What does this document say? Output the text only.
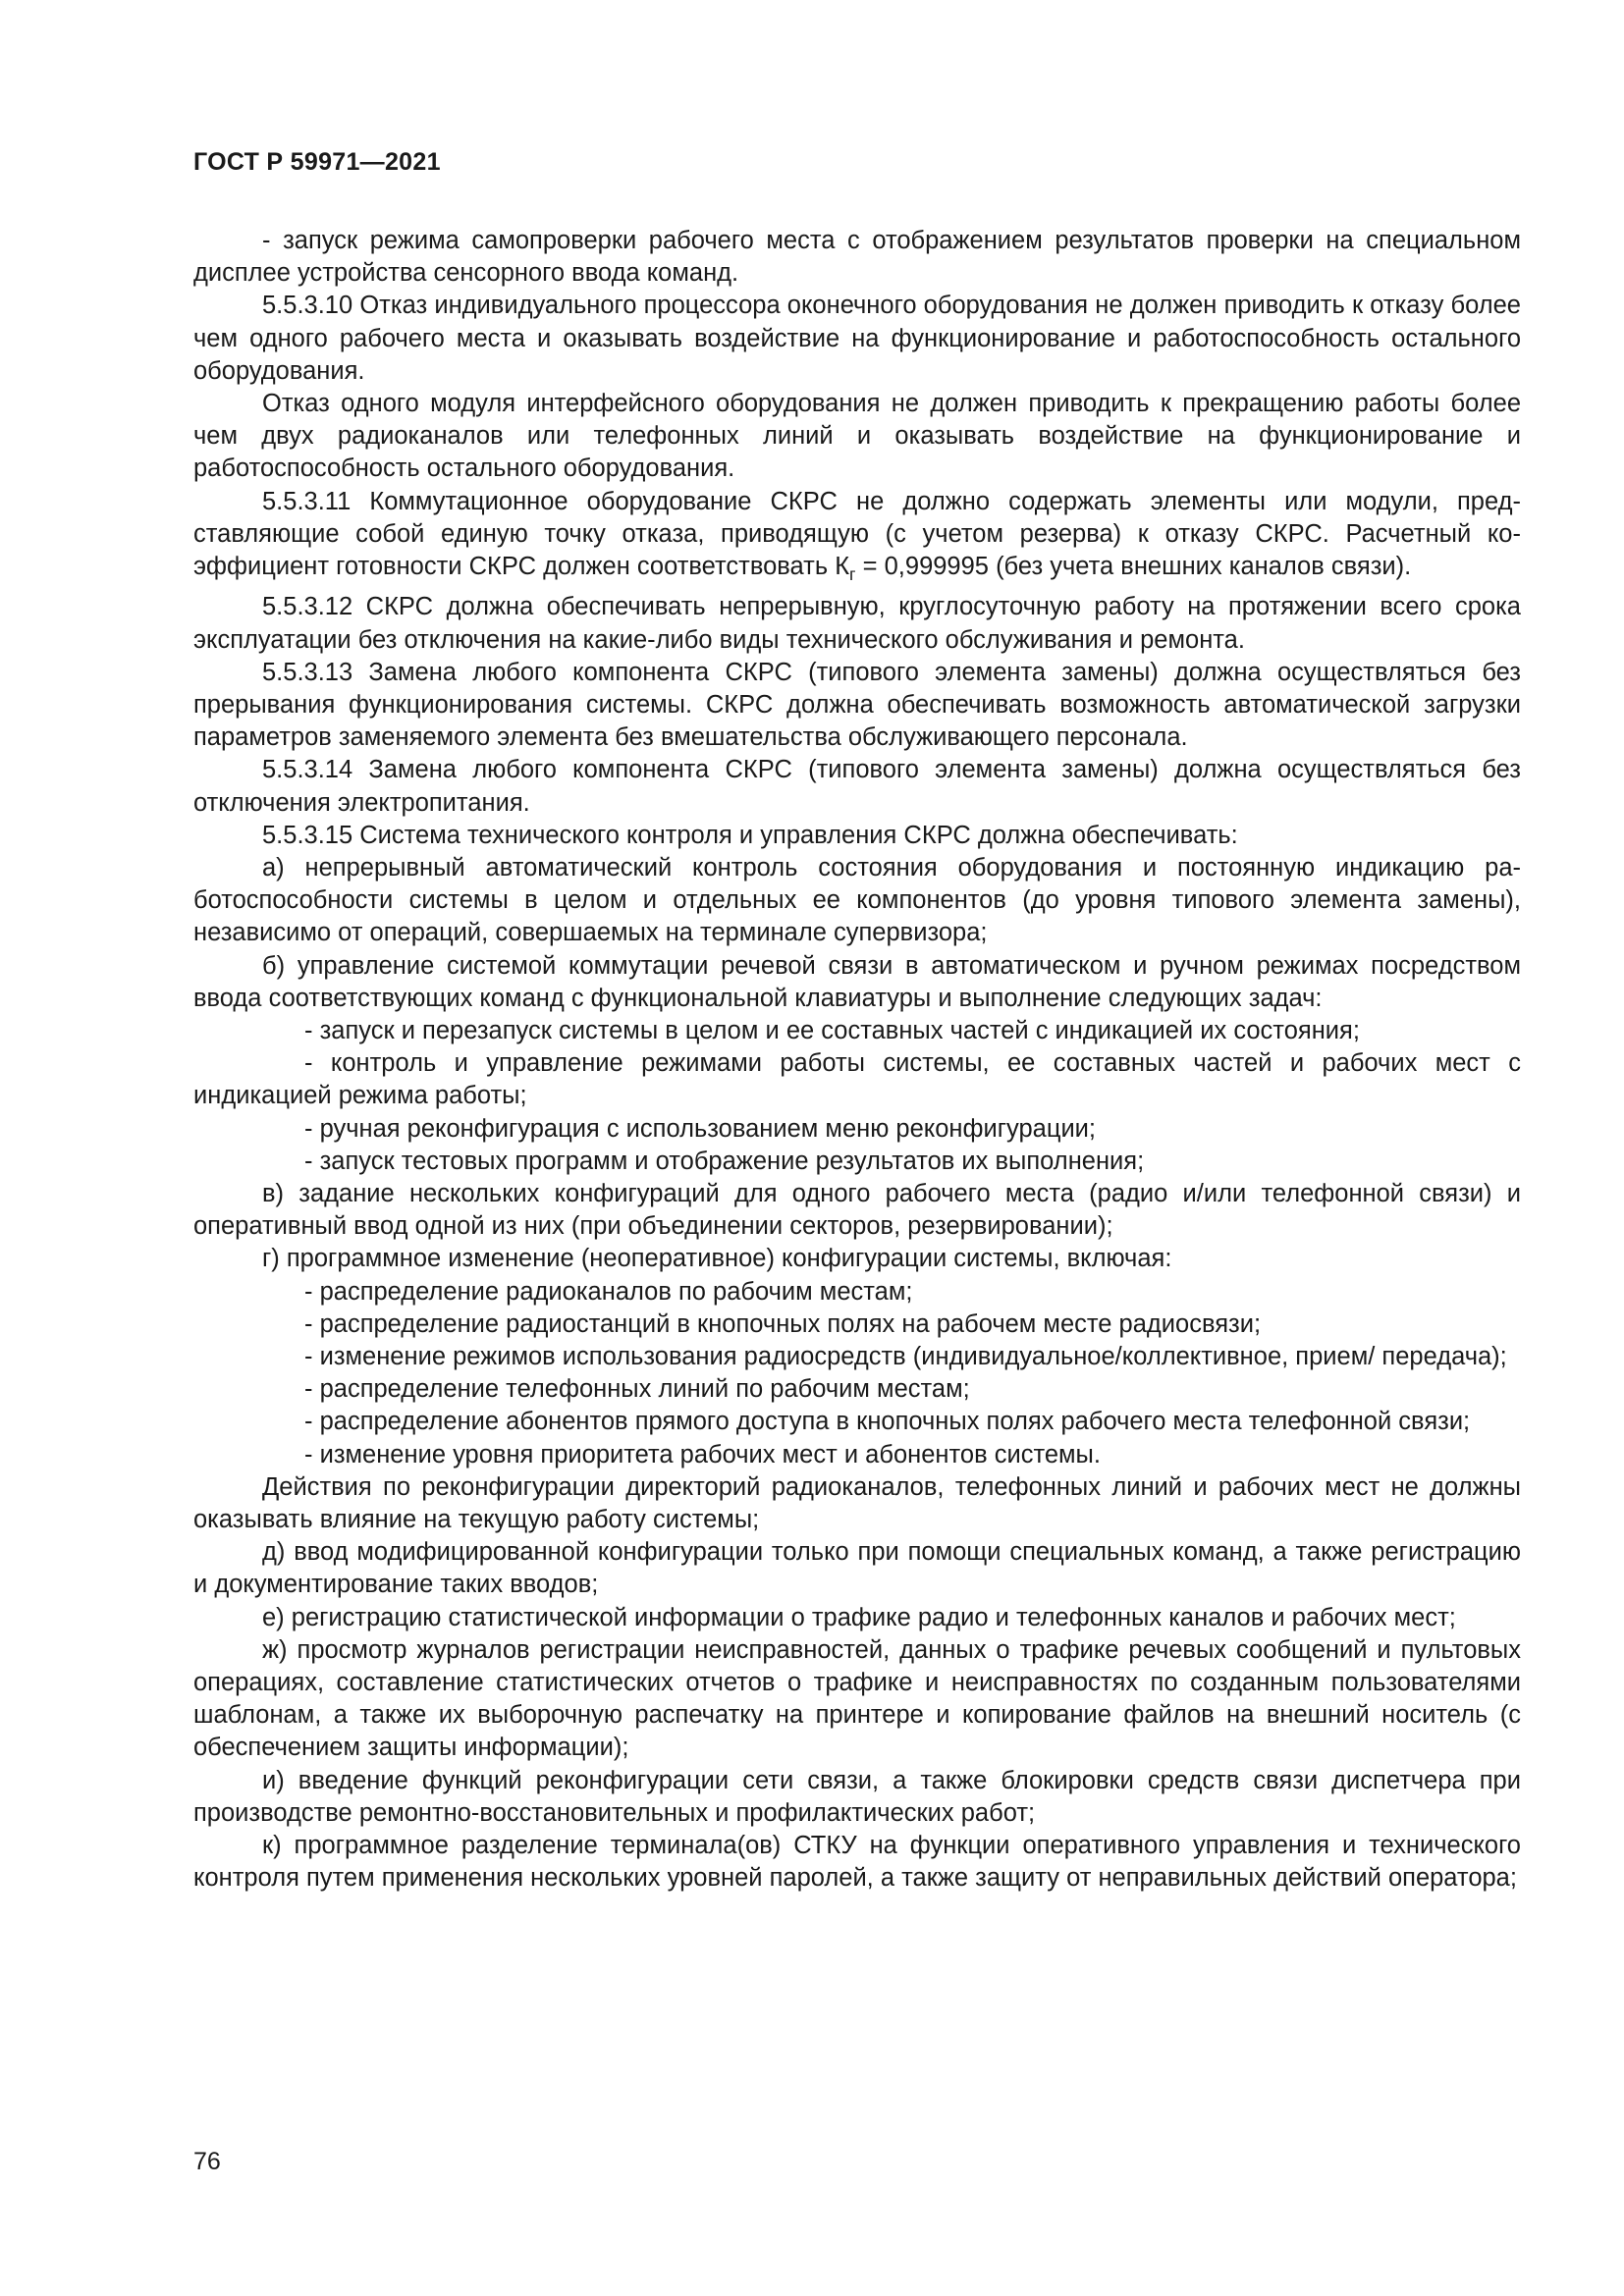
ГОСТ Р 59971—2021

- запуск режима самопроверки рабочего места с отображением результатов проверки на специальном дисплее устройства сенсорного ввода команд.

5.5.3.10 Отказ индивидуального процессора оконечного оборудования не должен приводить к отказу более чем одного рабочего места и оказывать воздействие на функционирование и работоспособность остального оборудования.

Отказ одного модуля интерфейсного оборудования не должен приводить к прекращению работы более чем двух радиоканалов или телефонных линий и оказывать воздействие на функционирование и работоспособность остального оборудования.

5.5.3.11 Коммутационное оборудование СКРС не должно содержать элементы или модули, представляющие собой единую точку отказа, приводящую (с учетом резерва) к отказу СКРС. Расчетный коэффициент готовности СКРС должен соответствовать $К_г = 0,999995$ (без учета внешних каналов связи).

5.5.3.12 СКРС должна обеспечивать непрерывную, круглосуточную работу на протяжении всего срока эксплуатации без отключения на какие-либо виды технического обслуживания и ремонта.

5.5.3.13 Замена любого компонента СКРС (типового элемента замены) должна осуществляться без прерывания функционирования системы. СКРС должна обеспечивать возможность автоматической загрузки параметров заменяемого элемента без вмешательства обслуживающего персонала.

5.5.3.14 Замена любого компонента СКРС (типового элемента замены) должна осуществляться без отключения электропитания.

5.5.3.15 Система технического контроля и управления СКРС должна обеспечивать:

а) непрерывный автоматический контроль состояния оборудования и постоянную индикацию работоспособности системы в целом и отдельных ее компонентов (до уровня типового элемента замены), независимо от операций, совершаемых на терминале супервизора;

б) управление системой коммутации речевой связи в автоматическом и ручном режимах посредством ввода соответствующих команд с функциональной клавиатуры и выполнение следующих задач:

- запуск и перезапуск системы в целом и ее составных частей с индикацией их состояния;

- контроль и управление режимами работы системы, ее составных частей и рабочих мест с индикацией режима работы;

- ручная реконфигурация с использованием меню реконфигурации;

- запуск тестовых программ и отображение результатов их выполнения;

в) задание нескольких конфигураций для одного рабочего места (радио и/или телефонной связи) и оперативный ввод одной из них (при объединении секторов, резервировании);

г) программное изменение (неоперативное) конфигурации системы, включая:

- распределение радиоканалов по рабочим местам;

- распределение радиостанций в кнопочных полях на рабочем месте радиосвязи;

- изменение режимов использования радиосредств (индивидуальное/коллективное, прием/ передача);

- распределение телефонных линий по рабочим местам;

- распределение абонентов прямого доступа в кнопочных полях рабочего места телефонной связи;

- изменение уровня приоритета рабочих мест и абонентов системы.

Действия по реконфигурации директорий радиоканалов, телефонных линий и рабочих мест не должны оказывать влияние на текущую работу системы;

д) ввод модифицированной конфигурации только при помощи специальных команд, а также регистрацию и документирование таких вводов;

е) регистрацию статистической информации о трафике радио и телефонных каналов и рабочих мест;

ж) просмотр журналов регистрации неисправностей, данных о трафике речевых сообщений и пультовых операциях, составление статистических отчетов о трафике и неисправностях по созданным пользователями шаблонам, а также их выборочную распечатку на принтере и копирование файлов на внешний носитель (с обеспечением защиты информации);

и) введение функций реконфигурации сети связи, а также блокировки средств связи диспетчера при производстве ремонтно-восстановительных и профилактических работ;

к) программное разделение терминала(ов) СТКУ на функции оперативного управления и технического контроля путем применения нескольких уровней паролей, а также защиту от неправильных действий оператора;

76
